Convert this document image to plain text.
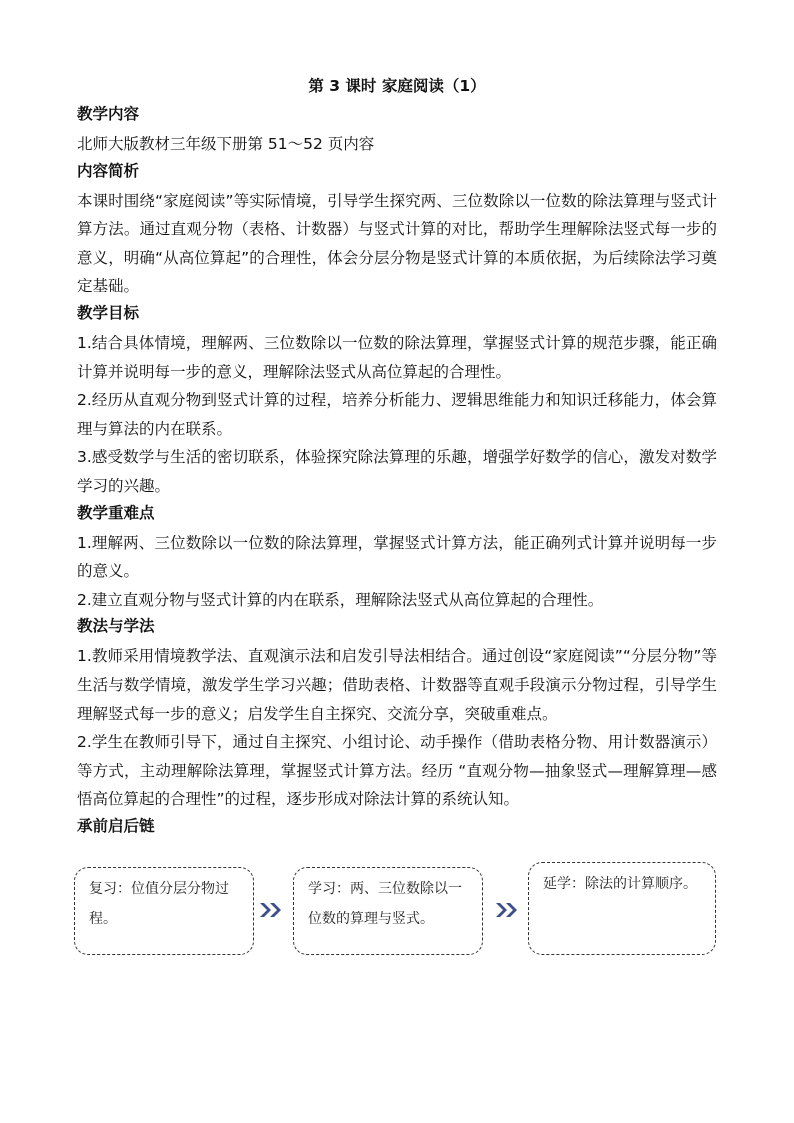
第 3 课时 家庭阅读（1）
教学内容

北师大版教材三年级下册第 51～52 页内容

内容简析

本课时围绕“家庭阅读”等实际情境，引导学生探究两、三位数除以一位数的除法算理与竖式计算方法。通过直观分物（表格、计数器）与竖式计算的对比，帮助学生理解除法竖式每一步的意义，明确“从高位算起”的合理性，体会分层分物是竖式计算的本质依据，为后续除法学习奠定基础。

教学目标

1.结合具体情境，理解两、三位数除以一位数的除法算理，掌握竖式计算的规范步骤，能正确计算并说明每一步的意义，理解除法竖式从高位算起的合理性。

2.经历从直观分物到竖式计算的过程，培养分析能力、逻辑思维能力和知识迁移能力，体会算理与算法的内在联系。

3.感受数学与生活的密切联系，体验探究除法算理的乐趣，增强学好数学的信心，激发对数学学习的兴趣。

教学重难点

1.理解两、三位数除以一位数的除法算理，掌握竖式计算方法，能正确列式计算并说明每一步的意义。

2.建立直观分物与竖式计算的内在联系，理解除法竖式从高位算起的合理性。

教法与学法

1.教师采用情境教学法、直观演示法和启发引导法相结合。通过创设“家庭阅读”“分层分物”等生活与数学情境，激发学生学习兴趣；借助表格、计数器等直观手段演示分物过程，引导学生理解竖式每一步的意义；启发学生自主探究、交流分享，突破重难点。

2.学生在教师引导下，通过自主探究、小组讨论、动手操作（借助表格分物、用计数器演示）等方式，主动理解除法算理，掌握竖式计算方法。经历 “直观分物—抽象竖式—理解算理—感悟高位算起的合理性”的过程，逐步形成对除法计算的系统认知。

承前启后链
复习：位值分层分物过程。
学习：两、三位数除以一位数的算理与竖式。
延学：除法的计算顺序。
